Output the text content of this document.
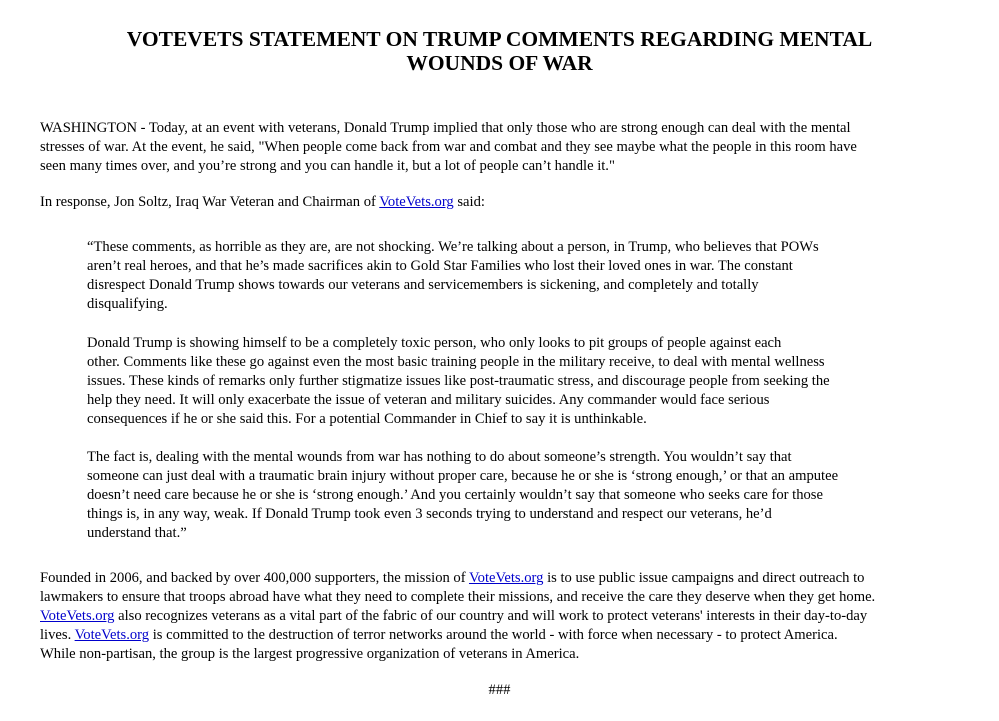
VOTEVETS STATEMENT ON TRUMP COMMENTS REGARDING MENTAL
WOUNDS OF WAR

WASHINGTON - Today, at an event with veterans, Donald Trump implied that only those who are strong enough can deal with the mental
stresses of war. At the event, he said, "When people come back from war and combat and they see maybe what the people in this room have
seen many times over, and you’re strong and you can handle it, but a lot of people can’t handle it."

In response, Jon Soltz, Iraq War Veteran and Chairman of VoteVets.org said:

“These comments, as horrible as they are, are not shocking. We’re talking about a person, in Trump, who believes that POWs
aren’t real heroes, and that he’s made sacrifices akin to Gold Star Families who lost their loved ones in war. The constant
disrespect Donald Trump shows towards our veterans and servicemembers is sickening, and completely and totally
disqualifying.

Donald Trump is showing himself to be a completely toxic person, who only looks to pit groups of people against each
other. Comments like these go against even the most basic training people in the military receive, to deal with mental wellness
issues. These kinds of remarks only further stigmatize issues like post-traumatic stress, and discourage people from seeking the
help they need. It will only exacerbate the issue of veteran and military suicides. Any commander would face serious
consequences if he or she said this. For a potential Commander in Chief to say it is unthinkable.

The fact is, dealing with the mental wounds from war has nothing to do about someone’s strength. You wouldn’t say that
someone can just deal with a traumatic brain injury without proper care, because he or she is ‘strong enough,’ or that an amputee
doesn’t need care because he or she is ‘strong enough.’ And you certainly wouldn’t say that someone who seeks care for those
things is, in any way, weak. If Donald Trump took even 3 seconds trying to understand and respect our veterans, he’d
understand that.”

Founded in 2006, and backed by over 400,000 supporters, the mission of VoteVets.org is to use public issue campaigns and direct outreach to
lawmakers to ensure that troops abroad have what they need to complete their missions, and receive the care they deserve when they get home.
VoteVets.org also recognizes veterans as a vital part of the fabric of our country and will work to protect veterans' interests in their day-to-day
lives. VoteVets.org is committed to the destruction of terror networks around the world - with force when necessary - to protect America.
While non-partisan, the group is the largest progressive organization of veterans in America.

###
